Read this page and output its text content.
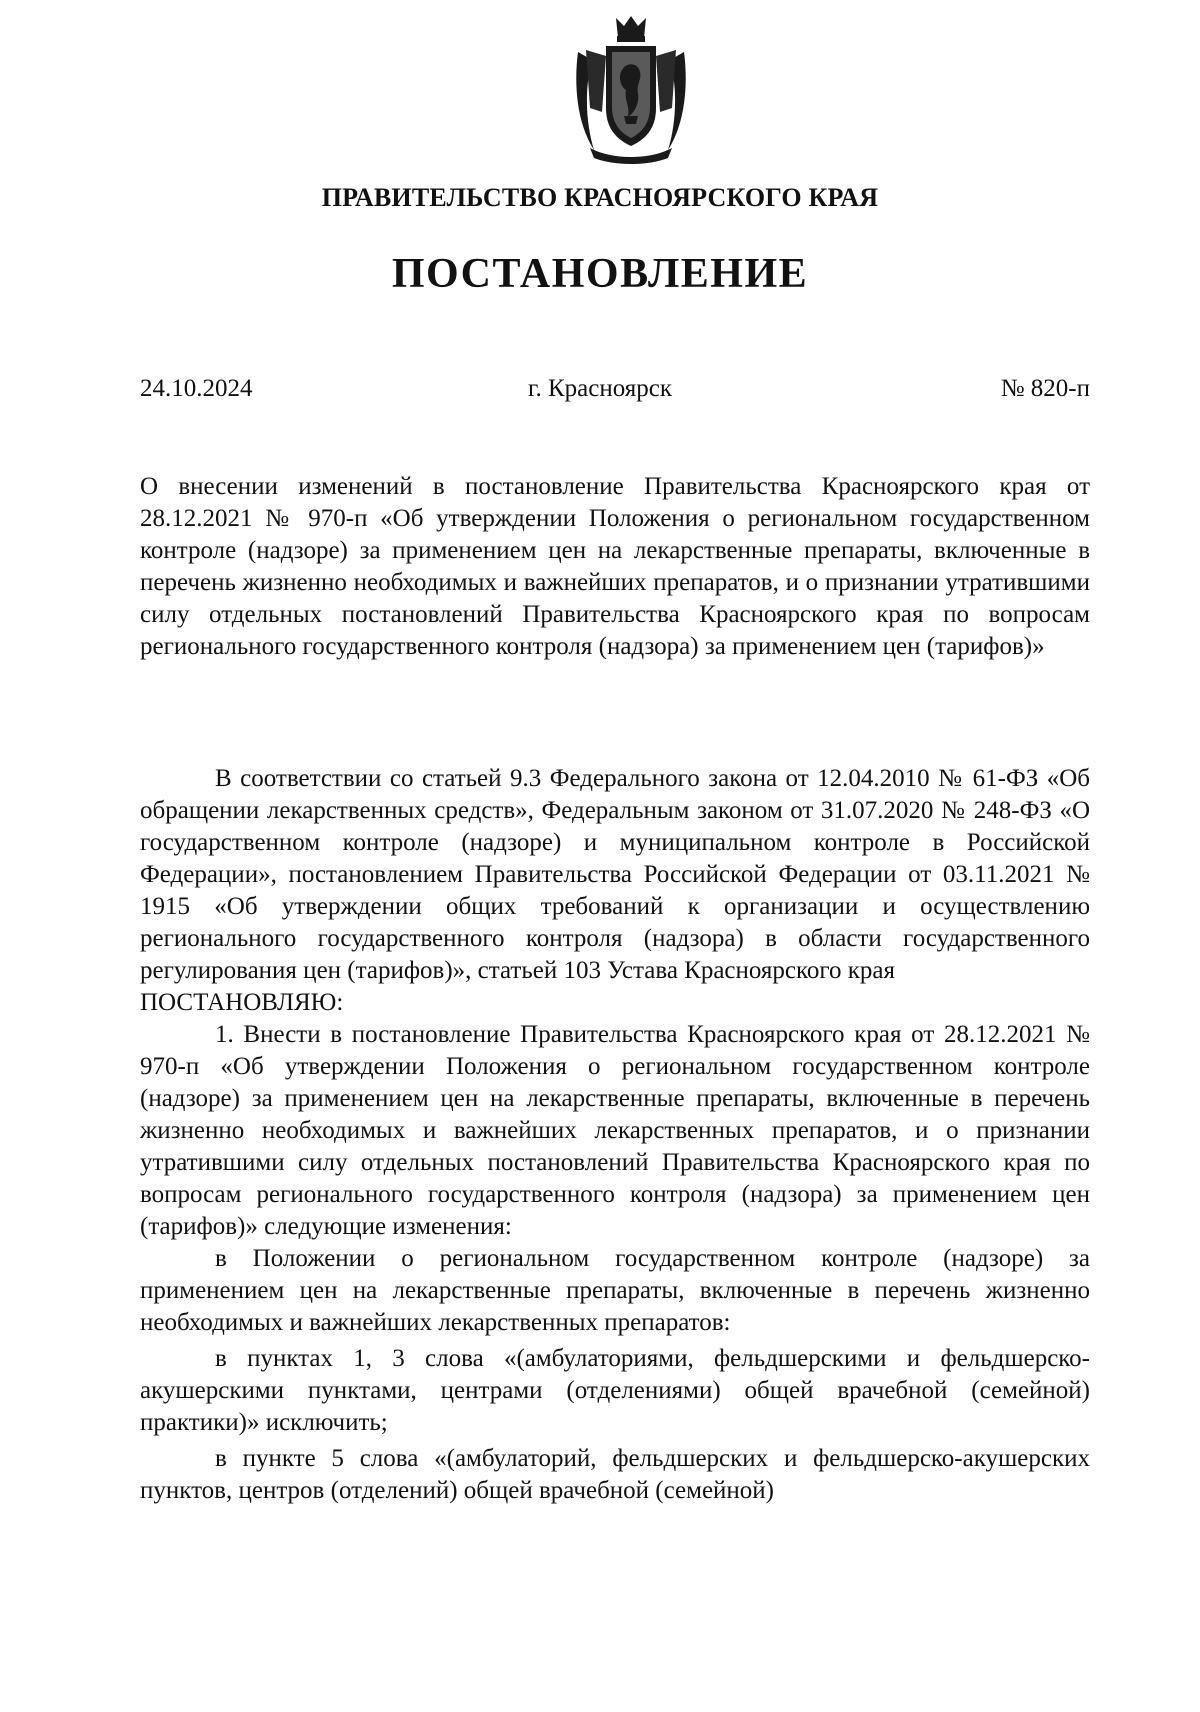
ПРАВИТЕЛЬСТВО КРАСНОЯРСКОГО КРАЯ
ПОСТАНОВЛЕНИЕ
24.10.2024	г. Красноярск	№ 820-п
О внесении изменений в постановление Правительства Красноярского края от 28.12.2021 № 970-п «Об утверждении Положения о региональном государственном контроле (надзоре) за применением цен на лекарственные препараты, включенные в перечень жизненно необходимых и важнейших препаратов, и о признании утратившими силу отдельных постановлений Правительства Красноярского края по вопросам регионального государственного контроля (надзора) за применением цен (тарифов)»

В соответствии со статьей 9.3 Федерального закона от 12.04.2010 № 61-ФЗ «Об обращении лекарственных средств», Федеральным законом от 31.07.2020 № 248-ФЗ «О государственном контроле (надзоре) и муниципальном контроле в Российской Федерации», постановлением Правительства Российской Федерации от 03.11.2021 № 1915 «Об утверждении общих требований к организации и осуществлению регионального государственного контроля (надзора) в области государственного регулирования цен (тарифов)», статьей 103 Устава Красноярского края

ПОСТАНОВЛЯЮ:

1. Внести в постановление Правительства Красноярского края от 28.12.2021 № 970-п «Об утверждении Положения о региональном государственном контроле (надзоре) за применением цен на лекарственные препараты, включенные в перечень жизненно необходимых и важнейших лекарственных препаратов, и о признании утратившими силу отдельных постановлений Правительства Красноярского края по вопросам регионального государственного контроля (надзора) за применением цен (тарифов)» следующие изменения:

в Положении о региональном государственном контроле (надзоре) за применением цен на лекарственные препараты, включенные в перечень жизненно необходимых и важнейших лекарственных препаратов:

в пунктах 1, 3 слова «(амбулаториями, фельдшерскими и фельдшерско-акушерскими пунктами, центрами (отделениями) общей врачебной (семейной) практики)» исключить;

в пункте 5 слова «(амбулаторий, фельдшерских и фельдшерско-акушерских пунктов, центров (отделений) общей врачебной (семейной)
